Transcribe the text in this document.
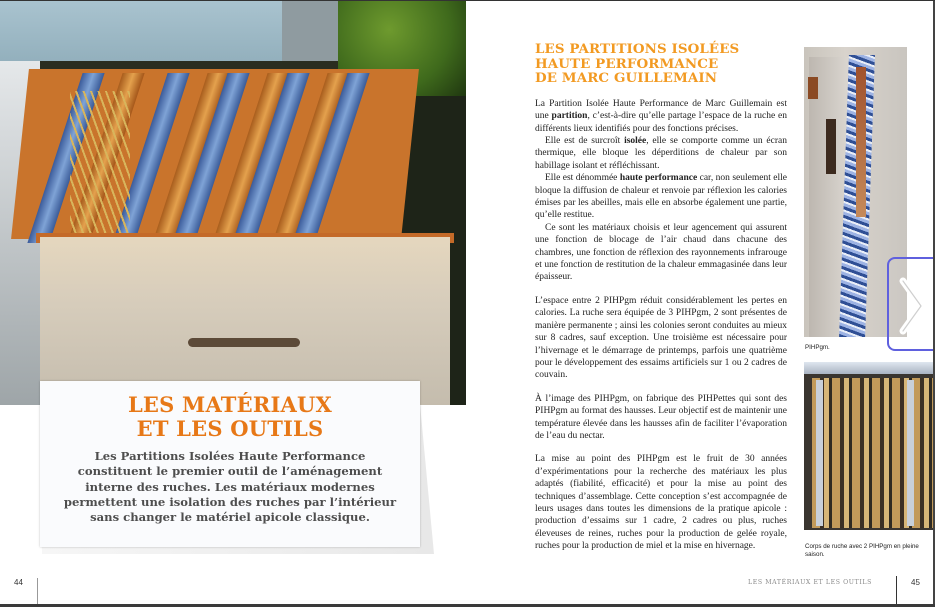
LES MATÉRIAUX
ET LES OUTILS
Les Partitions Isolées Haute Performance constituent le premier outil de l’aménagement interne des ruches. Les matériaux modernes permettent une isolation des ruches par l’intérieur sans changer le matériel apicole classique.
44
LES PARTITIONS ISOLÉES
HAUTE PERFORMANCE
DE MARC GUILLEMAIN

La Partition Isolée Haute Performance de Marc Guillemain est une partition, c’est-à-dire qu’elle partage l’espace de la ruche en différents lieux identifiés pour des fonctions précises.

Elle est de surcroît isolée, elle se comporte comme un écran thermique, elle bloque les déperditions de chaleur par son habillage isolant et réfléchissant.

Elle est dénommée haute performance car, non seulement elle bloque la diffusion de chaleur et renvoie par réflexion les calories émises par les abeilles, mais elle en absorbe également une partie, qu’elle restitue.

Ce sont les matériaux choisis et leur agencement qui assurent une fonction de blocage de l’air chaud dans chacune des chambres, une fonction de réflexion des rayonnements infrarouge et une fonction de restitution de la chaleur emmagasinée dans leur épaisseur.

L’espace entre 2 PIHPgm réduit considérablement les pertes en calories. La ruche sera équipée de 3 PIHPgm, 2 sont présentes de manière permanente ; ainsi les colonies seront conduites au mieux sur 8 cadres, sauf exception. Une troisième est nécessaire pour l’hivernage et le démarrage de printemps, parfois une quatrième pour le développement des essaims artificiels sur 1 ou 2 cadres de couvain.

À l’image des PIHPgm, on fabrique des PIHPettes qui sont des PIHPgm au format des hausses. Leur objectif est de maintenir une température élevée dans les hausses afin de faciliter l’évaporation de l’eau du nectar.

La mise au point des PIHPgm est le fruit de 30 années d’expérimentations pour la recherche des matériaux les plus adaptés (fiabilité, efficacité) et pour la mise au point des techniques d’assemblage. Cette conception s’est accompagnée de leurs usages dans toutes les dimensions de la pratique apicole : production d’essaims sur 1 cadre, 2 cadres ou plus, ruches éleveuses de reines, ruches pour la production de gelée royale, ruches pour la production de miel et la mise en hivernage.

PIHPgm.
Corps de ruche avec 2 PIHPgm en pleine saison.
LES MATÉRIAUX ET LES OUTILS	45
